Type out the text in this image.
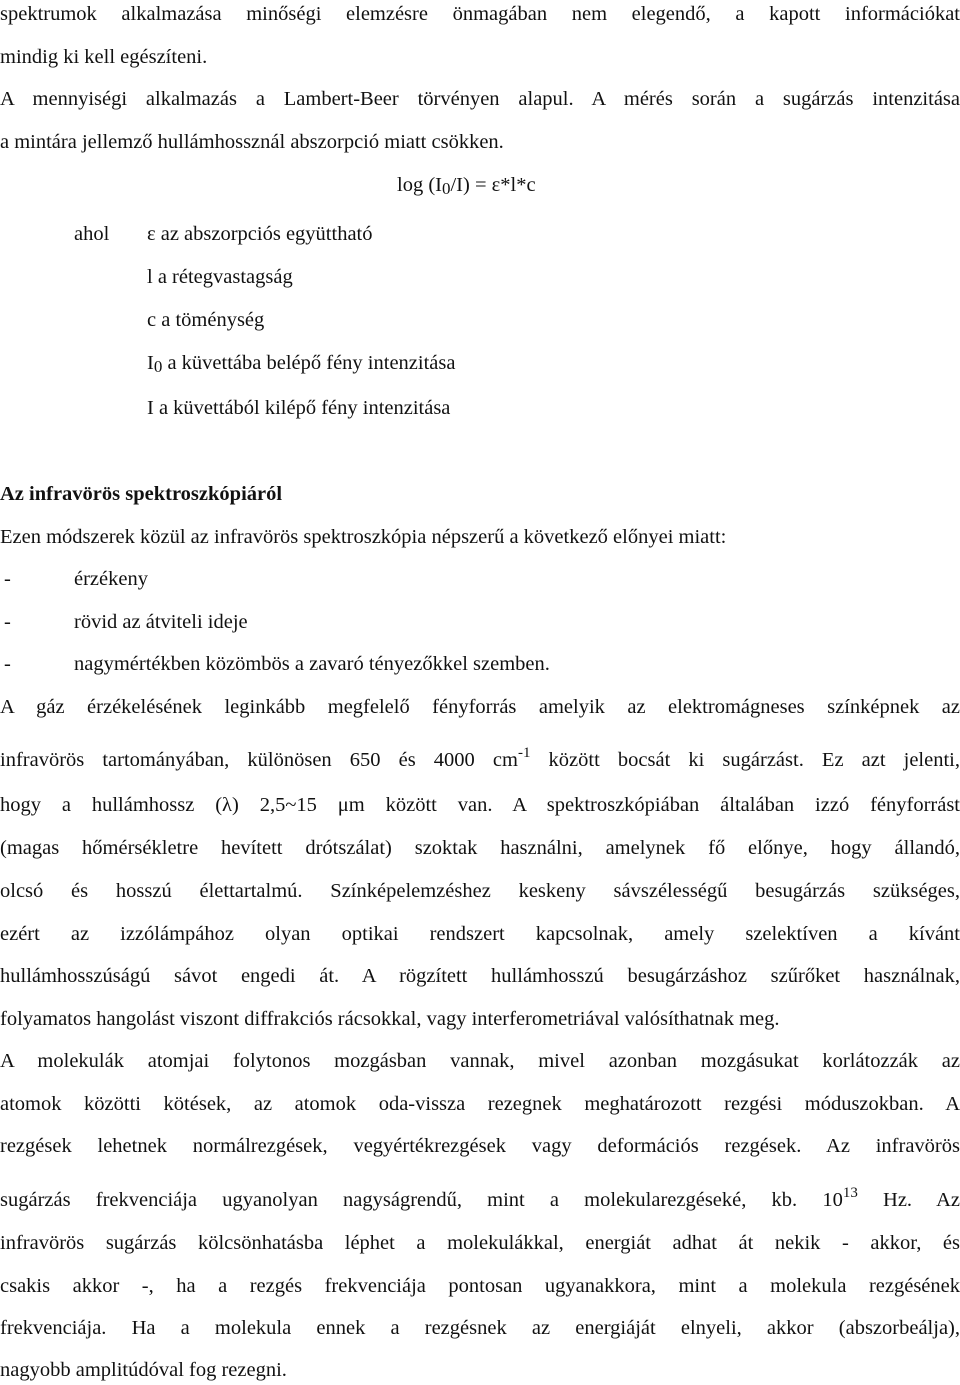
spektrumok alkalmazása minőségi elemzésre önmagában nem elegendő, a kapott információkat
mindig ki kell egészíteni.
A mennyiségi alkalmazás a Lambert-Beer törvényen alapul. A mérés során a sugárzás intenzitása
a mintára jellemző hullámhossznál abszorpció miatt csökken.
$\log (I_0/I) = \varepsilon*l*c$
ahol ε az abszorpciós együttható
l a rétegvastagság
c a töménység
$I_0$ a küvettába belépő fény intenzitása
I a küvettából kilépő fény intenzitása
Az infravörös spektroszkópiáról
Ezen módszerek közül az infravörös spektroszkópia népszerű a következő előnyei miatt:
-	érzékeny
-	rövid az átviteli ideje
-	nagymértékben közömbös a zavaró tényezőkkel szemben.
A gáz érzékelésének leginkább megfelelő fényforrás amelyik az elektromágneses színképnek az
infravörös tartományában, különösen 650 és 4000 $cm^{-1}$ között bocsát ki sugárzást. Ez azt jelenti,
hogy a hullámhossz (λ) 2,5~15 μm között van. A spektroszkópiában általában izzó fényforrást
(magas hőmérsékletre hevített drótszálat) szoktak használni, amelynek fő előnye, hogy állandó,
olcsó és hosszú élettartalmú. Színképelemzéshez keskeny sávszélességű besugárzás szükséges,
ezért az izzólámpához olyan optikai rendszert kapcsolnak, amely szelektíven a kívánt
hullámhosszúságú sávot engedi át. A rögzített hullámhosszú besugárzáshoz szűrőket használnak,
folyamatos hangolást viszont diffrakciós rácsokkal, vagy interferometriával valósíthatnak meg.
A molekulák atomjai folytonos mozgásban vannak, mivel azonban mozgásukat korlátozzák az
atomok közötti kötések, az atomok oda-vissza rezegnek meghatározott rezgési móduszokban. A
rezgések lehetnek normálrezgések, vegyértékrezgések vagy deformációs rezgések. Az infravörös
sugárzás frekvenciája ugyanolyan nagyságrendű, mint a molekularezgéseké, kb. $10^{13}$ Hz. Az
infravörös sugárzás kölcsönhatásba léphet a molekulákkal, energiát adhat át nekik - akkor, és
csakis akkor -, ha a rezgés frekvenciája pontosan ugyanakkora, mint a molekula rezgésének
frekvenciája. Ha a molekula ennek a rezgésnek az energiáját elnyeli, akkor (abszorbeálja),
nagyobb amplitúdóval fog rezegni.
